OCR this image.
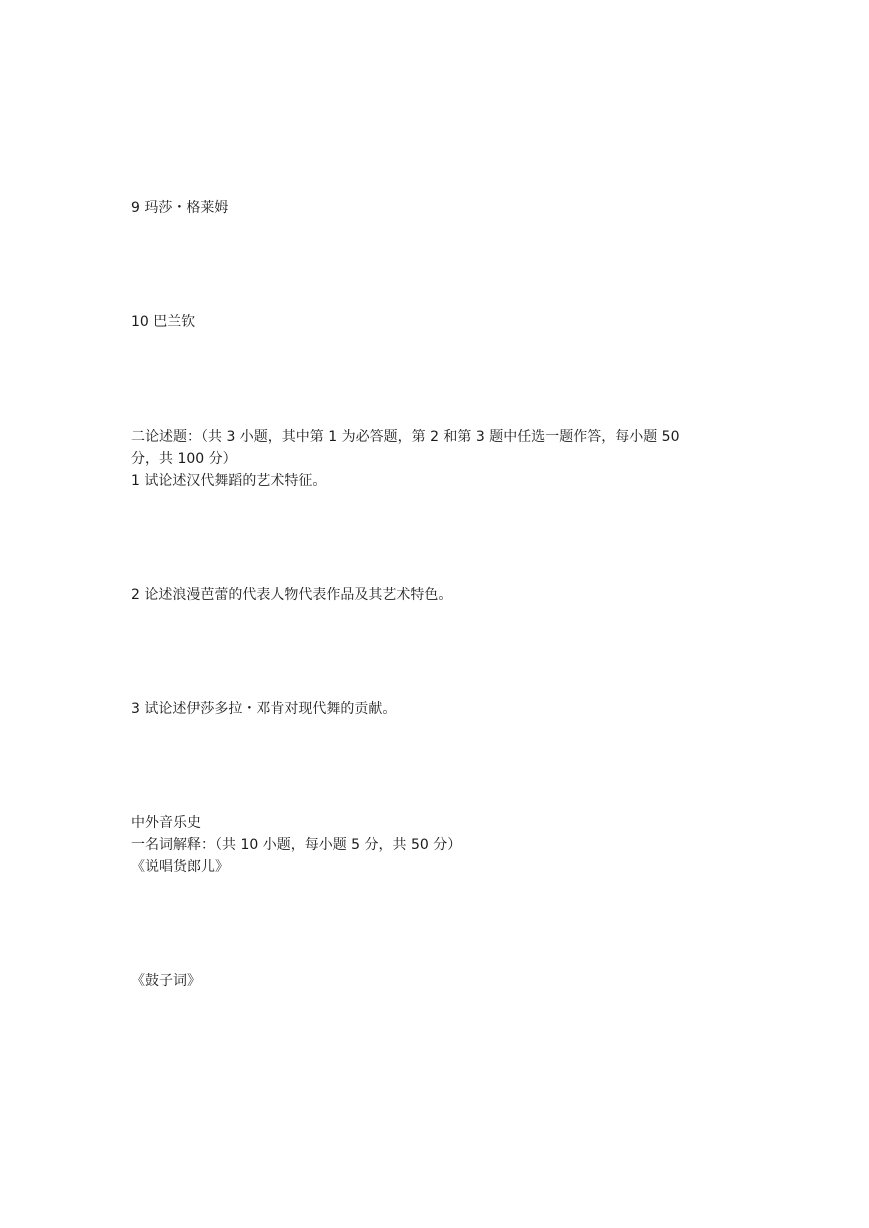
9 玛莎・格莱姆
10 巴兰钦
二论述题：（共 3 小题，其中第 1 为必答题，第 2 和第 3 题中任选一题作答，每小题 50
分，共 100 分）
1 试论述汉代舞蹈的艺术特征。
2 论述浪漫芭蕾的代表人物代表作品及其艺术特色。
3 试论述伊莎多拉・邓肯对现代舞的贡献。
中外音乐史
一名词解释：（共 10 小题，每小题 5 分，共 50 分）
《说唱货郎儿》
《鼓子词》
